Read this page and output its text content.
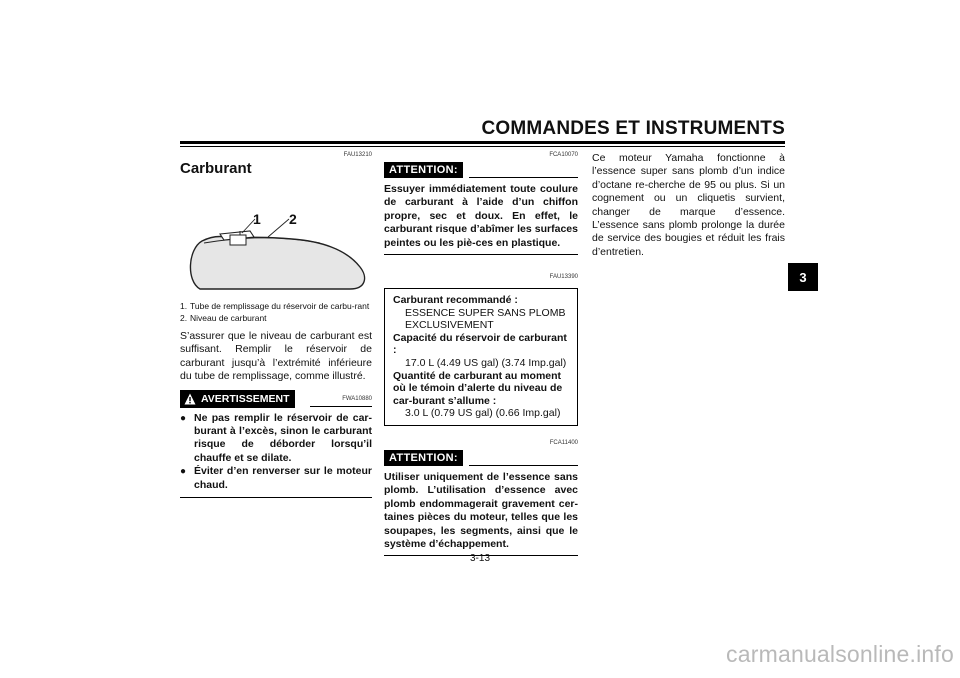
COMMANDES ET INSTRUMENTS
3
FAU13210
Carburant
1 2
1. Tube de remplissage du réservoir de carbu-rant
2. Niveau de carburant
S’assurer que le niveau de carburant est suffisant. Remplir le réservoir de carburant jusqu’à l’extrémité inférieure du tube de remplissage, comme illustré.
AVERTISSEMENT	FWA10880
● Ne pas remplir le réservoir de car-burant à l’excès, sinon le carburant risque de déborder lorsqu’il chauffe et se dilate.
● Éviter d’en renverser sur le moteur chaud.
FCA10070
ATTENTION:
Essuyer immédiatement toute coulure de carburant à l’aide d’un chiffon propre, sec et doux. En effet, le carburant risque d’abîmer les surfaces peintes ou les piè-ces en plastique.
FAU13390
Carburant recommandé :
ESSENCE SUPER SANS PLOMB EXCLUSIVEMENT
Capacité du réservoir de carburant :
17.0 L (4.49 US gal) (3.74 Imp.gal)
Quantité de carburant au moment où le témoin d’alerte du niveau de car-burant s’allume :
3.0 L (0.79 US gal) (0.66 Imp.gal)
FCA11400
ATTENTION:
Utiliser uniquement de l’essence sans plomb. L’utilisation d’essence avec plomb endommagerait gravement cer-taines pièces du moteur, telles que les soupapes, les segments, ainsi que le système d’échappement.
Ce moteur Yamaha fonctionne à l’essence super sans plomb d’un indice d’octane re-cherche de 95 ou plus. Si un cognement ou un cliquetis survient, changer de marque d’essence. L’essence sans plomb prolonge la durée de service des bougies et réduit les frais d’entretien.
3-13
carmanualsonline.info
